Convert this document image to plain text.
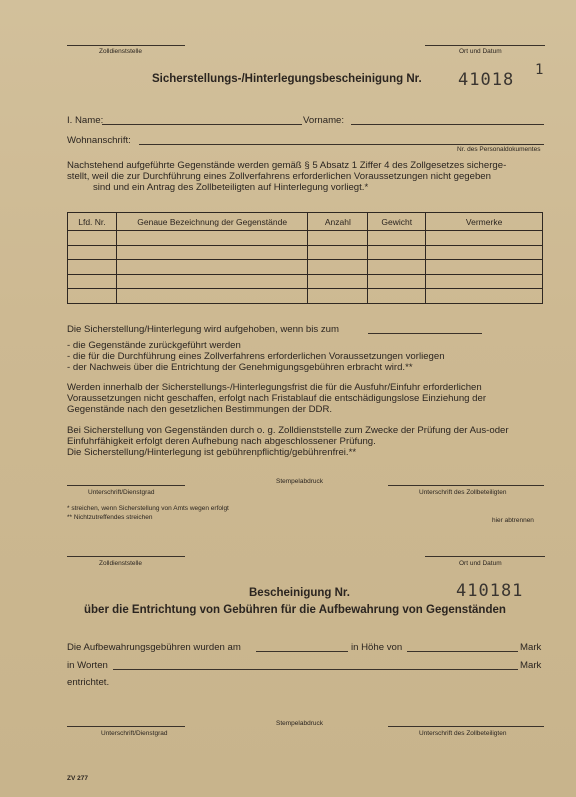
Zolldienststelle	Ort und Datum
Sicherstellungs-/Hinterlegungsbescheinigung Nr. 41018 1
I. Name:	Vorname:
Wohnanschrift:
Nr. des Personaldokumentes
Nachstehend aufgeführte Gegenstände werden gemäß § 5 Absatz 1 Ziffer 4 des Zollgesetzes sicherge-
stellt, weil die zur Durchführung eines Zollverfahrens erforderlichen Voraussetzungen nicht gegeben
sind und ein Antrag des Zollbeteiligten auf Hinterlegung vorliegt.*
Lfd. Nr.	Genaue Bezeichnung der Gegenstände	Anzahl	Gewicht	Vermerke

Die Sicherstellung/Hinterlegung wird aufgehoben, wenn bis zum
- die Gegenstände zurückgeführt werden
- die für die Durchführung eines Zollverfahrens erforderlichen Voraussetzungen vorliegen
- der Nachweis über die Entrichtung der Genehmigungsgebühren erbracht wird.**
Werden innerhalb der Sicherstellungs-/Hinterlegungsfrist die für die Ausfuhr/Einfuhr erforderlichen
Voraussetzungen nicht geschaffen, erfolgt nach Fristablauf die entschädigungslose Einziehung der
Gegenstände nach den gesetzlichen Bestimmungen der DDR.
Bei Sicherstellung von Gegenständen durch o. g. Zolldienststelle zum Zwecke der Prüfung der Aus-oder
Einfuhrfähigkeit erfolgt deren Aufhebung nach abgeschlossener Prüfung.
Die Sicherstellung/Hinterlegung ist gebührenpflichtig/gebührenfrei.**
Unterschrift/Dienstgrad
Stempelabdruck
Unterschrift des Zollbeteiligten
* streichen, wenn Sicherstellung von Amts wegen erfolgt
** Nichtzutreffendes streichen	hier abtrennen
Zolldienststelle	Ort und Datum
Bescheinigung Nr.	410181
über die Entrichtung von Gebühren für die Aufbewahrung von Gegenständen
Die Aufbewahrungsgebühren wurden am	in Höhe von	Mark
in Worten	Mark
entrichtet.
Unterschrift/Dienstgrad
Stempelabdruck
Unterschrift des Zollbeteiligten
ZV 277
